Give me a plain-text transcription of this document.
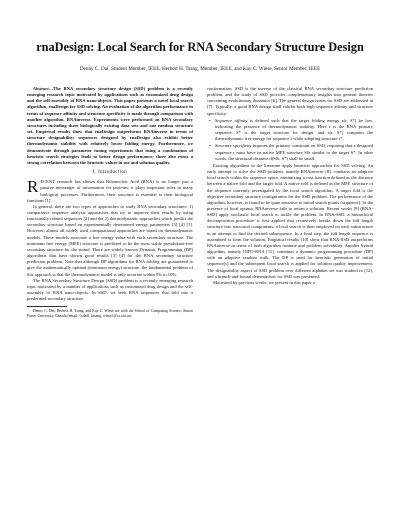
rnaDesign: Local Search for RNA Secondary Structure Design
Denny C. Dai, Student Member, IEEE, Herbert H. Tsang, Member, IEEE, and Kay C. Wiese, Senior Member, IEEE

Abstract—The RNA secondary structure design (SSD) problem is a recently emerging research topic motivated by applications such as customized drug design and the self-assembly of RNA nano-objects. This paper presents a novel local search algorithm, rnaDesign for SSD solving. An evaluation of the algorithm performance in terms of sequence affinity and structure specificity is made through comparison with another algorithm, RNAinverse. Experiments were performed on RNA secondary structures including three biologically existing data sets and one random structure set. Empirical results show that rnaDesign outperforms RNAinverse in terms of structure designability; sequences designed by rnaDesign also exhibit better thermodynamic stability with relatively lower folding energy. Furthermore, we demonstrate through parameter tuning experiments that using a combination of heuristic search strategies leads to better design performance; there also exists a strong correlation between the heuristic values in use and solution quality.

I. Introduction

RECENT research has shown that Ribonucleic Acid (RNA) is no longer just a passive messenger of information for proteins, it plays important roles in many biological processes. Furthermore, their structure is essential to their biological functions [1].

In general, there are two types of approaches to study RNA secondary structures: 1) comparative sequence analysis approaches that try to improve their results by using functionally related sequences [2] and the 2) thermodynamic approaches which predict the secondary structure based on experimentally determined energy parameters [3] [4] [5]. However, almost all widely used computational approaches are based on thermodynamic models. These models associate a free energy value with each secondary structure. The minimum free energy (MFE) structure is predicted to be the most stable pseudoknot-free secondary structure for the strand. There are widely known Dynamic Programming (DP) algorithms that have shown good results [3] [4] for the RNA secondary structure prediction problem. Note that although DP algorithms for RNA folding are guaranteed to give the mathematically optimal (minimum energy) structure, the fundamental problem of this approach is that the thermodynamic model is only accurate within 5% to 10%.

The RNA Secondary Structure Design (SSD) problem is a recently emerging research topic motivated by a number of applications such as customized drug design and the self-assembly of RNA nano-objects. In SSD, we seek RNA sequences that fold into a predefined secondary structure

Denny C. Dai, Herbert H. Tsang, and Kay C. Wiese are with the School of Computing Science, Simon Fraser University, Canada (email: {cdai0, htsang, wiese}@cs.sfu.ca).

conformation. SSD is the inverse of the classical RNA secondary structure prediction problem, and the study of SSD provides complementary insights into general theories concerning evolutionary dynamics [6]. The general design issues for SSD are addressed in [7]. Typically, a good RNA design shall exhibit both high sequence affinity and structure specificity:

• Sequence affinity is defined such that the target folding energy ε(r, S*) be low, indicating the presence of thermodynamic stability. Here r is the RNA primary sequence, S* is the target structure for design, and ε(r, S*) computes the thermodynamic free energy for sequence r while adopting structure s*.
• Structure specificity imposes the primary constraint on SSD, requiring that a designed sequence r must have its native MFE structure S0r similar to the target S*. In other words, the structural distance d(S0r, S*) shall be small.

Existing algorithms in the literature apply heuristic approaches for SSD solving. An early attempt to solve the SSD problem, namely RNAinverse [8], conducts an adaptive local search within the sequence space, minimizing a cost function defined as the distance between a native fold and the target fold. A native fold is defined as the MFE structure of the sequence currently investigated by the local search algorithm. A target fold is the objective secondary structure configuration for the SSD problem. The performance of the algorithm, however, is found to be quite sensitive to initial search points (sequence). In the presence of local optima, RNAinverse fails to return a solution. Recent works [9] (RNA-SSD) apply stochastic local search to tackle the problem. In RNA-SSD, a hierarchical decomposition procedure is first applied that recursively breaks down the full length structure into structural components; a local search is then employed on each substructure in an attempt to find the desired subsequence. In a final step, the full length sequence is assembled to form the solution. Empirical results [10] show that RNA-SSD outperforms RNAinverse in terms of both algorithm runtime and problem solvability. Another hybrid algorithm, namely INFO-RNA [11], combines a dynamic programming procedure (DP) with an adaptive random walk. The DP is used for heuristic generation of initial sequence(s) and the subsequent local search is applied for solution quality improvement. The designability aspect of SSD problem over different alphabet set was studied in [12], and a branch-and-bound deterministic for SSD was presented.

Motivated by previous works, we present in this paper a
